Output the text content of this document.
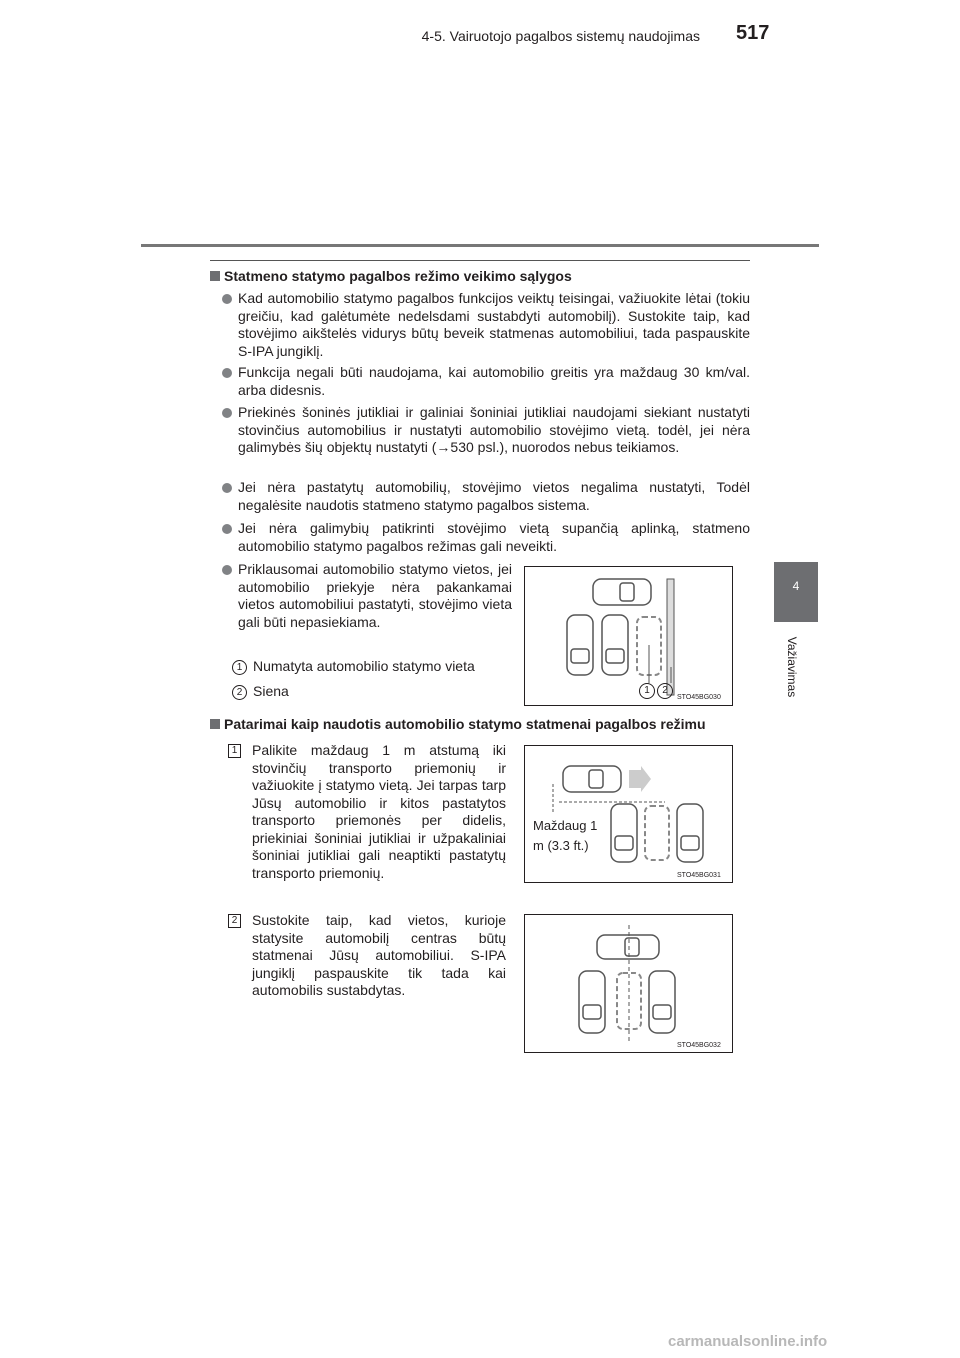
4-5. Vairuotojo pagalbos sistemų naudojimas 517
4
Važiavimas
Statmeno statymo pagalbos režimo veikimo sąlygos
Kad automobilio statymo pagalbos funkcijos veiktų teisingai, važiuokite lėtai (tokiu greičiu, kad galėtumėte nedelsdami sustabdyti automobilį). Sustokite taip, kad stovėjimo aikštelės vidurys būtų beveik statmenas automobiliui, tada paspauskite S-IPA jungiklį.
Funkcija negali būti naudojama, kai automobilio greitis yra maždaug 30 km/val. arba didesnis.
Priekinės šoninės jutikliai ir galiniai šoniniai jutikliai naudojami siekiant nustatyti stovinčius automobilius ir nustatyti automobilio stovėjimo vietą. todėl, jei nėra galimybės šių objektų nustatyti (→530 psl.), nuorodos nebus teikiamos.
Jei nėra pastatytų automobilių, stovėjimo vietos negalima nustatyti, Todėl negalėsite naudotis statmeno statymo pagalbos sistema.
Jei nėra galimybių patikrinti stovėjimo vietą supančią aplinką, statmeno automobilio statymo pagalbos režimas gali neveikti.
Priklausomai automobilio statymo vietos, jei automobilio priekyje nėra pakankamai vietos automobiliui pastatyti, stovėjimo vieta gali būti nepasiekiama.
1 Numatyta automobilio statymo vieta
2 Siena	1	2
STO45BG030
Patarimai kaip naudotis automobilio statymo statmenai pagalbos režimu
1 Palikite maždaug 1 m atstumą iki stovinčių transporto priemonių ir važiuokite į statymo vietą. Jei tarpas tarp Jūsų automobilio ir kitos pastatytos transporto priemonės per didelis, priekiniai šoniniai jutikliai ir užpakaliniai šoniniai jutikliai gali neaptikti pastatytų transporto priemonių.
2 Sustokite taip, kad vietos, kurioje statysite automobilį centras būtų statmenai Jūsų automobiliui. S-IPA jungiklį paspauskite tik tada kai automobilis sustabdytas.
Maždaug 1
m (3.3 ft.)
STO45BG031
STO45BG032
carmanualsonline.info
